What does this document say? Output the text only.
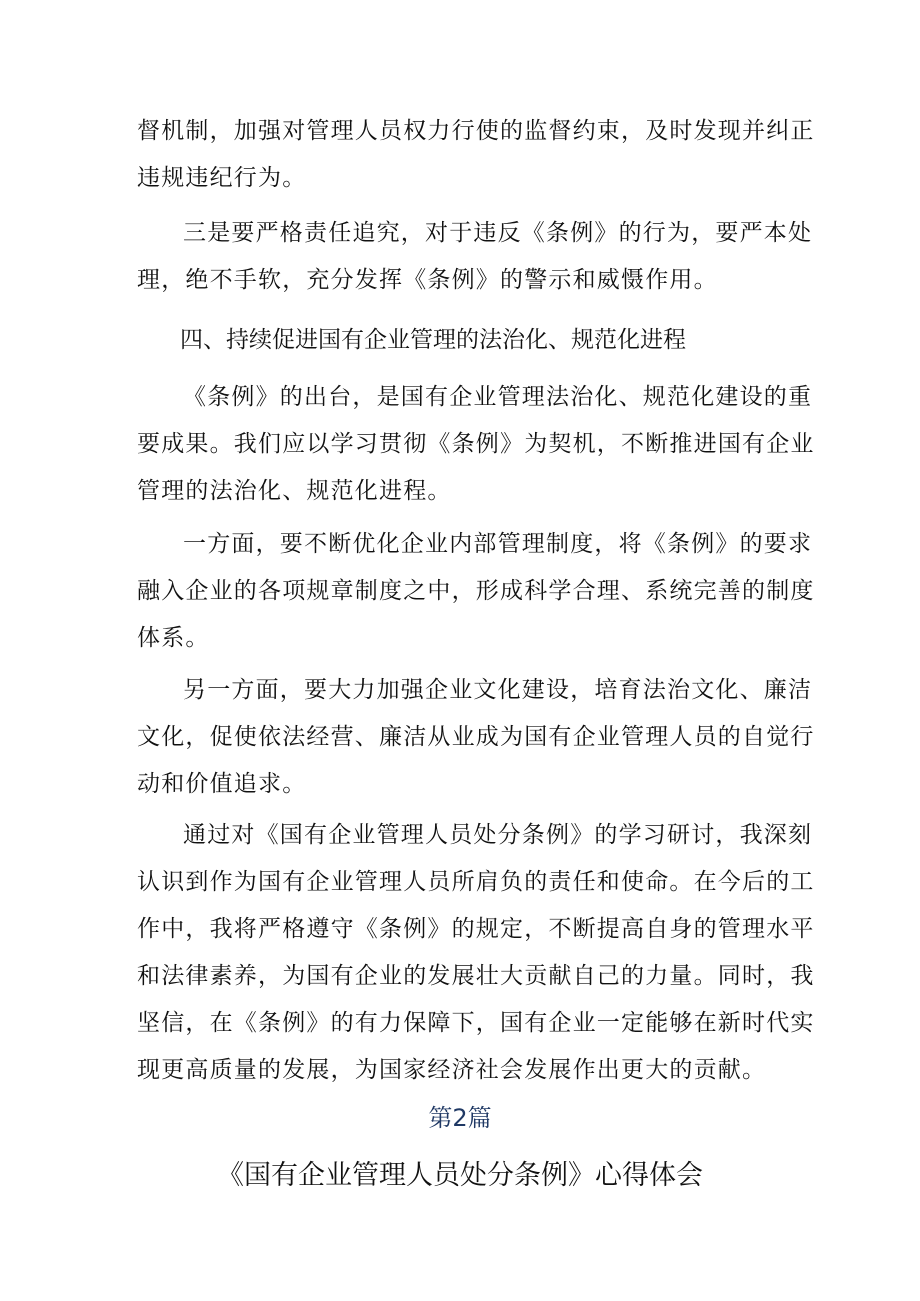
督机制，加强对管理人员权力行使的监督约束，及时发现并纠正
违规违纪行为。
三是要严格责任追究，对于违反《条例》的行为，要严本处
理，绝不手软，充分发挥《条例》的警示和威慑作用。
四、持续促进国有企业管理的法治化、规范化进程
《条例》的出台，是国有企业管理法治化、规范化建设的重
要成果。我们应以学习贯彻《条例》为契机，不断推进国有企业
管理的法治化、规范化进程。
一方面，要不断优化企业内部管理制度，将《条例》的要求
融入企业的各项规章制度之中，形成科学合理、系统完善的制度
体系。
另一方面，要大力加强企业文化建设，培育法治文化、廉洁
文化，促使依法经营、廉洁从业成为国有企业管理人员的自觉行
动和价值追求。
通过对《国有企业管理人员处分条例》的学习研讨，我深刻
认识到作为国有企业管理人员所肩负的责任和使命。在今后的工
作中，我将严格遵守《条例》的规定，不断提高自身的管理水平
和法律素养，为国有企业的发展壮大贡献自己的力量。同时，我
坚信，在《条例》的有力保障下，国有企业一定能够在新时代实
现更高质量的发展，为国家经济社会发展作出更大的贡献。
第2篇
《国有企业管理人员处分条例》心得体会
